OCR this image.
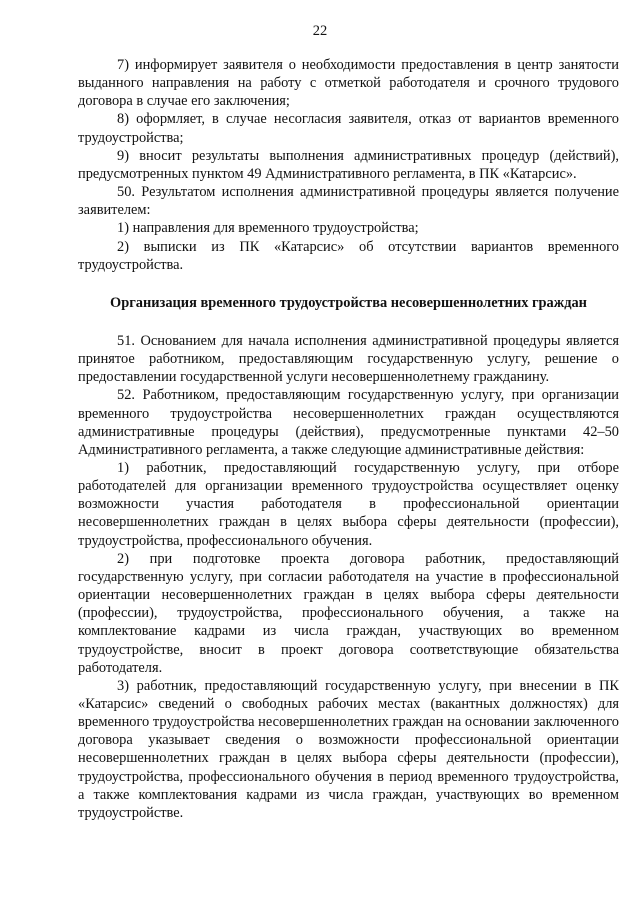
22

7) информирует заявителя о необходимости предоставления в центр занятости выданного направления на работу с отметкой работодателя и срочного трудового договора в случае его заключения;

8) оформляет, в случае несогласия заявителя, отказ от вариантов временного трудоустройства;

9) вносит результаты выполнения административных процедур (действий), предусмотренных пунктом 49 Административного регламента, в ПК «Катарсис».

50. Результатом исполнения административной процедуры является получение заявителем:

1) направления для временного трудоустройства;

2) выписки из ПК «Катарсис» об отсутствии вариантов временного трудоустройства.

Организация временного трудоустройства несовершеннолетних граждан

51. Основанием для начала исполнения административной процедуры является принятое работником, предоставляющим государственную услугу, решение о предоставлении государственной услуги несовершеннолетнему гражданину.

52. Работником, предоставляющим государственную услугу, при организации временного трудоустройства несовершеннолетних граждан осуществляются административные процедуры (действия), предусмотренные пунктами 42–50 Административного регламента, а также следующие административные действия:

1) работник, предоставляющий государственную услугу, при отборе работодателей для организации временного трудоустройства осуществляет оценку возможности участия работодателя в профессиональной ориентации несовершеннолетних граждан в целях выбора сферы деятельности (профессии), трудоустройства, профессионального обучения.

2) при подготовке проекта договора работник, предоставляющий государственную услугу, при согласии работодателя на участие в профессиональной ориентации несовершеннолетних граждан в целях выбора сферы деятельности (профессии), трудоустройства, профессионального обучения, а также на комплектование кадрами из числа граждан, участвующих во временном трудоустройстве, вносит в проект договора соответствующие обязательства работодателя.

3) работник, предоставляющий государственную услугу, при внесении в ПК «Катарсис» сведений о свободных рабочих местах (вакантных должностях) для временного трудоустройства несовершеннолетних граждан на основании заключенного договора указывает сведения о возможности профессиональной ориентации несовершеннолетних граждан в целях выбора сферы деятельности (профессии), трудоустройства, профессионального обучения в период временного трудоустройства, а также комплектования кадрами из числа граждан, участвующих во временном трудоустройстве.
